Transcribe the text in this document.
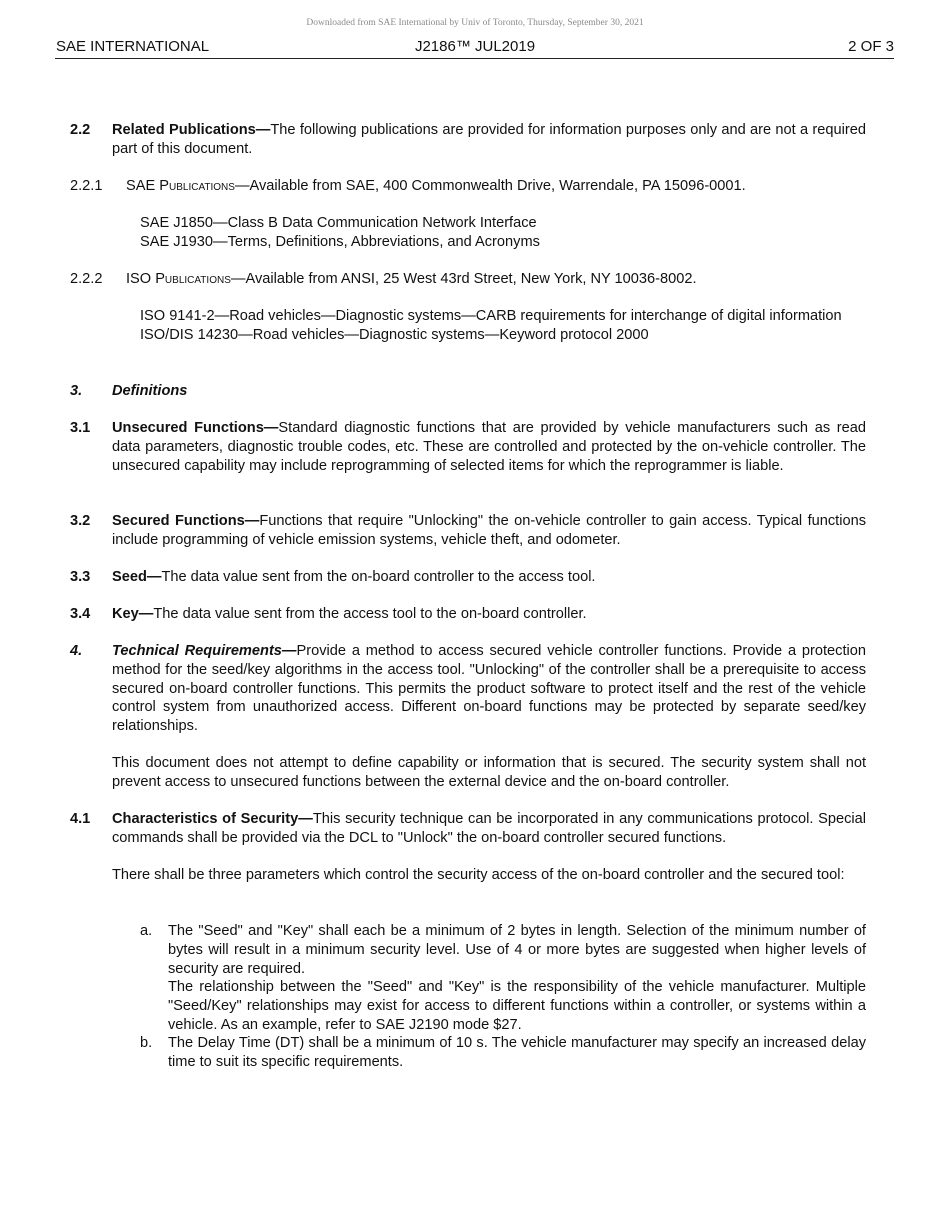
Downloaded from SAE International by Univ of Toronto, Thursday, September 30, 2021
SAE INTERNATIONAL	J2186™ JUL2019	2 OF 3
2.2 Related Publications—The following publications are provided for information purposes only and are not a required part of this document.
2.2.1 SAE Publications—Available from SAE, 400 Commonwealth Drive, Warrendale, PA 15096-0001.
SAE J1850—Class B Data Communication Network Interface
SAE J1930—Terms, Definitions, Abbreviations, and Acronyms
2.2.2 ISO Publications—Available from ANSI, 25 West 43rd Street, New York, NY 10036-8002.
ISO 9141-2—Road vehicles—Diagnostic systems—CARB requirements for interchange of digital information
ISO/DIS 14230—Road vehicles—Diagnostic systems—Keyword protocol 2000
3. Definitions
3.1 Unsecured Functions—Standard diagnostic functions that are provided by vehicle manufacturers such as read data parameters, diagnostic trouble codes, etc. These are controlled and protected by the on-vehicle controller. The unsecured capability may include reprogramming of selected items for which the reprogrammer is liable.
3.2 Secured Functions—Functions that require "Unlocking" the on-vehicle controller to gain access. Typical functions include programming of vehicle emission systems, vehicle theft, and odometer.
3.3 Seed—The data value sent from the on-board controller to the access tool.
3.4 Key—The data value sent from the access tool to the on-board controller.
4. Technical Requirements—Provide a method to access secured vehicle controller functions. Provide a protection method for the seed/key algorithms in the access tool. "Unlocking" of the controller shall be a prerequisite to access secured on-board controller functions. This permits the product software to protect itself and the rest of the vehicle control system from unauthorized access. Different on-board functions may be protected by separate seed/key relationships.
This document does not attempt to define capability or information that is secured. The security system shall not prevent access to unsecured functions between the external device and the on-board controller.
4.1 Characteristics of Security—This security technique can be incorporated in any communications protocol. Special commands shall be provided via the DCL to "Unlock" the on-board controller secured functions.
There shall be three parameters which control the security access of the on-board controller and the secured tool:
a. The "Seed" and "Key" shall each be a minimum of 2 bytes in length. Selection of the minimum number of bytes will result in a minimum security level. Use of 4 or more bytes are suggested when higher levels of security are required.
The relationship between the "Seed" and "Key" is the responsibility of the vehicle manufacturer. Multiple "Seed/Key" relationships may exist for access to different functions within a controller, or systems within a vehicle. As an example, refer to SAE J2190 mode $27.
b. The Delay Time (DT) shall be a minimum of 10 s. The vehicle manufacturer may specify an increased delay time to suit its specific requirements.
